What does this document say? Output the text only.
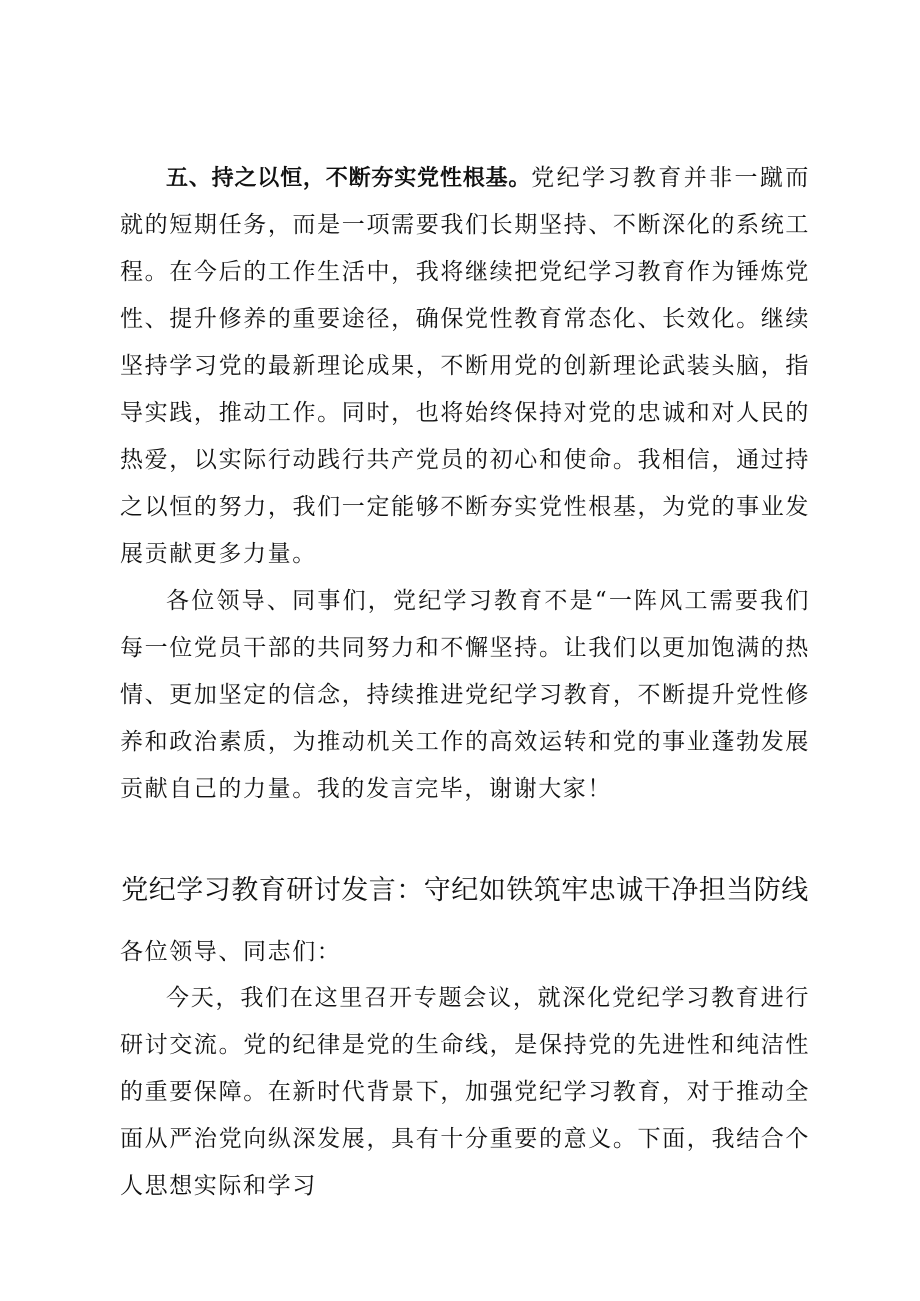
五、持之以恒，不断夯实党性根基。党纪学习教育并非一蹴而就的短期任务，而是一项需要我们长期坚持、不断深化的系统工程。在今后的工作生活中，我将继续把党纪学习教育作为锤炼党性、提升修养的重要途径，确保党性教育常态化、长效化。继续坚持学习党的最新理论成果，不断用党的创新理论武装头脑，指导实践，推动工作。同时，也将始终保持对党的忠诚和对人民的热爱，以实际行动践行共产党员的初心和使命。我相信，通过持之以恒的努力，我们一定能够不断夯实党性根基，为党的事业发展贡献更多力量。

各位领导、同事们，党纪学习教育不是“一阵风工需要我们每一位党员干部的共同努力和不懈坚持。让我们以更加饱满的热情、更加坚定的信念，持续推进党纪学习教育，不断提升党性修养和政治素质，为推动机关工作的高效运转和党的事业蓬勃发展贡献自己的力量。我的发言完毕，谢谢大家！

党纪学习教育研讨发言：守纪如铁筑牢忠诚干净担当防线

各位领导、同志们：

今天，我们在这里召开专题会议，就深化党纪学习教育进行研讨交流。党的纪律是党的生命线，是保持党的先进性和纯洁性的重要保障。在新时代背景下，加强党纪学习教育，对于推动全面从严治党向纵深发展，具有十分重要的意义。下面，我结合个人思想实际和学习
